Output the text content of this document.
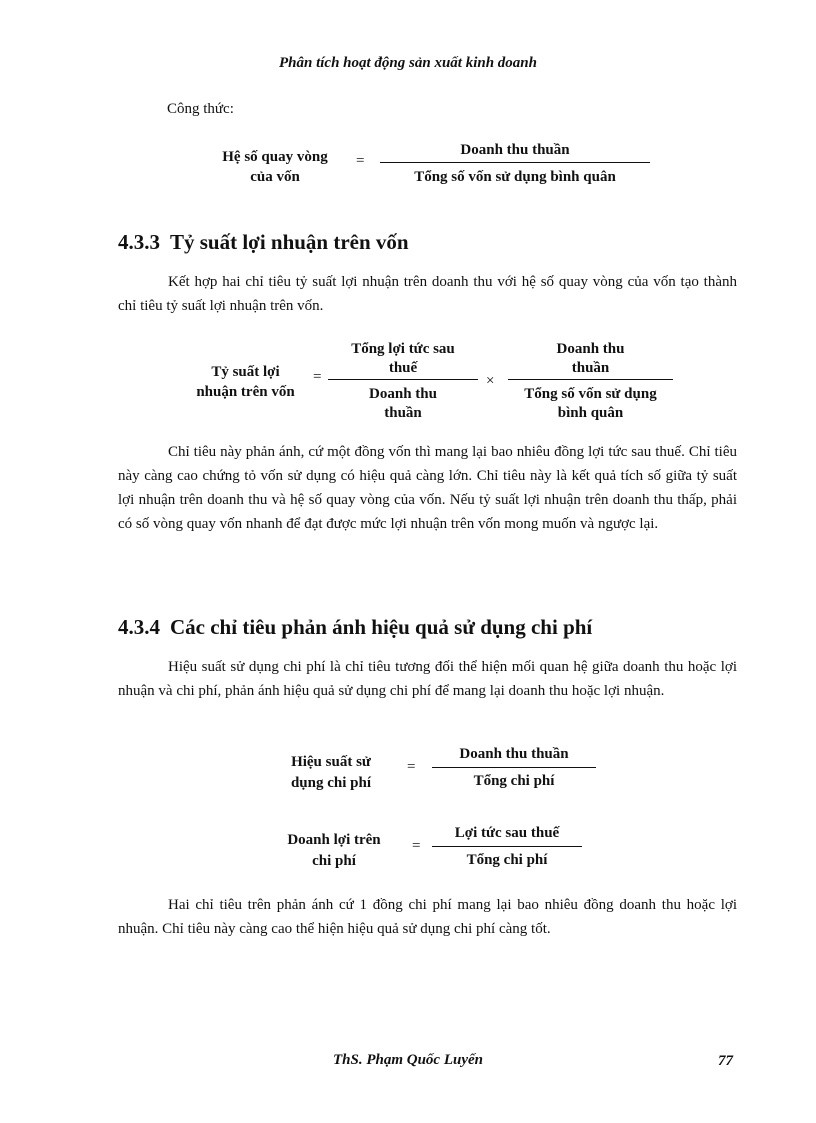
Phân tích hoạt động sản xuất kinh doanh
Công thức:
Hệ số quay vòng
của vốn
=
Doanh thu thuần
Tổng số vốn sử dụng bình quân
4.3.3 Tỷ suất lợi nhuận trên vốn
Kết hợp hai chỉ tiêu tỷ suất lợi nhuận trên doanh thu với hệ số quay vòng của vốn tạo thành chỉ tiêu tỷ suất lợi nhuận trên vốn.
Tỷ suất lợi
nhuận trên vốn
=
Tổng lợi tức sau
thuế
Doanh thu
thuần
×
Doanh thu
thuần
Tổng số vốn sử dụng
bình quân
Chỉ tiêu này phản ánh, cứ một đồng vốn thì mang lại bao nhiêu đồng lợi tức sau thuế. Chỉ tiêu này càng cao chứng tỏ vốn sử dụng có hiệu quả càng lớn. Chỉ tiêu này là kết quả tích số giữa tỷ suất lợi nhuận trên doanh thu và hệ số quay vòng của vốn. Nếu tỷ suất lợi nhuận trên doanh thu thấp, phải có số vòng quay vốn nhanh để đạt được mức lợi nhuận trên vốn mong muốn và ngược lại.
4.3.4 Các chỉ tiêu phản ánh hiệu quả sử dụng chi phí
Hiệu suất sử dụng chi phí là chỉ tiêu tương đối thể hiện mối quan hệ giữa doanh thu hoặc lợi nhuận và chi phí, phản ánh hiệu quả sử dụng chi phí để mang lại doanh thu hoặc lợi nhuận.
Hiệu suất sử
dụng chi phí
=
Doanh thu thuần
Tổng chi phí
Doanh lợi trên
chi phí
=
Lợi tức sau thuế
Tổng chi phí
Hai chỉ tiêu trên phản ánh cứ 1 đồng chi phí mang lại bao nhiêu đồng doanh thu hoặc lợi nhuận. Chỉ tiêu này càng cao thể hiện hiệu quả sử dụng chi phí càng tốt.
ThS. Phạm Quốc Luyến	77
